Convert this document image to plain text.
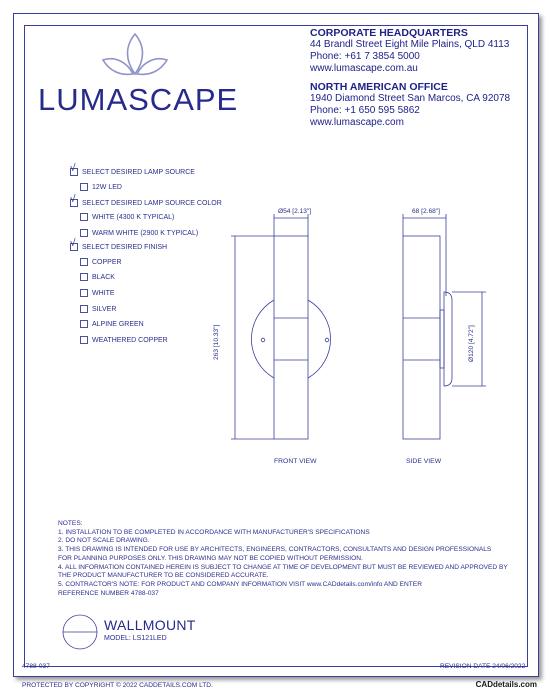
LUMASCAPE
CORPORATE HEADQUARTERS
44 Brandl Street Eight Mile Plains, QLD 4113
Phone: +61 7 3854 5000
www.lumascape.com.au
NORTH AMERICAN OFFICE
1940 Diamond Street San Marcos, CA 92078
Phone: +1 650 595 5862
www.lumascape.com
√ SELECT DESIRED LAMP SOURCE
12W LED
√ SELECT DESIRED LAMP SOURCE COLOR
WHITE (4300 K TYPICAL)
WARM WHITE (2900 K TYPICAL)
√ SELECT DESIRED FINISH
COPPER
BLACK
WHITE
SILVER
ALPINE GREEN
WEATHERED COPPER
Ø54 [2.13"]
263 [10.33"]
68 [2.68"]
Ø120 [4.72"]
FRONT VIEW	SIDE VIEW
NOTES:
1. INSTALLATION TO BE COMPLETED IN ACCORDANCE WITH MANUFACTURER'S SPECIFICATIONS
2. DO NOT SCALE DRAWING.
3. THIS DRAWING IS INTENDED FOR USE BY ARCHITECTS, ENGINEERS, CONTRACTORS, CONSULTANTS AND DESIGN PROFESSIONALS
FOR PLANNING PURPOSES ONLY. THIS DRAWING MAY NOT BE COPIED WITHOUT PERMISSION.
4. ALL INFORMATION CONTAINED HEREIN IS SUBJECT TO CHANGE AT TIME OF DEVELOPMENT BUT MUST BE REVIEWED AND APPROVED BY
THE PRODUCT MANUFACTURER TO BE CONSIDERED ACCURATE.
5. CONTRACTOR'S NOTE: FOR PRODUCT AND COMPANY INFORMATION VISIT www.CADdetails.com/info AND ENTER
REFERENCE NUMBER 4788-037
WALLMOUNT
MODEL: LS121LED
4788-037	REVISION DATE 24/06/2022
PROTECTED BY COPYRIGHT © 2022 CADDETAILS.COM LTD.	CADdetails.com
